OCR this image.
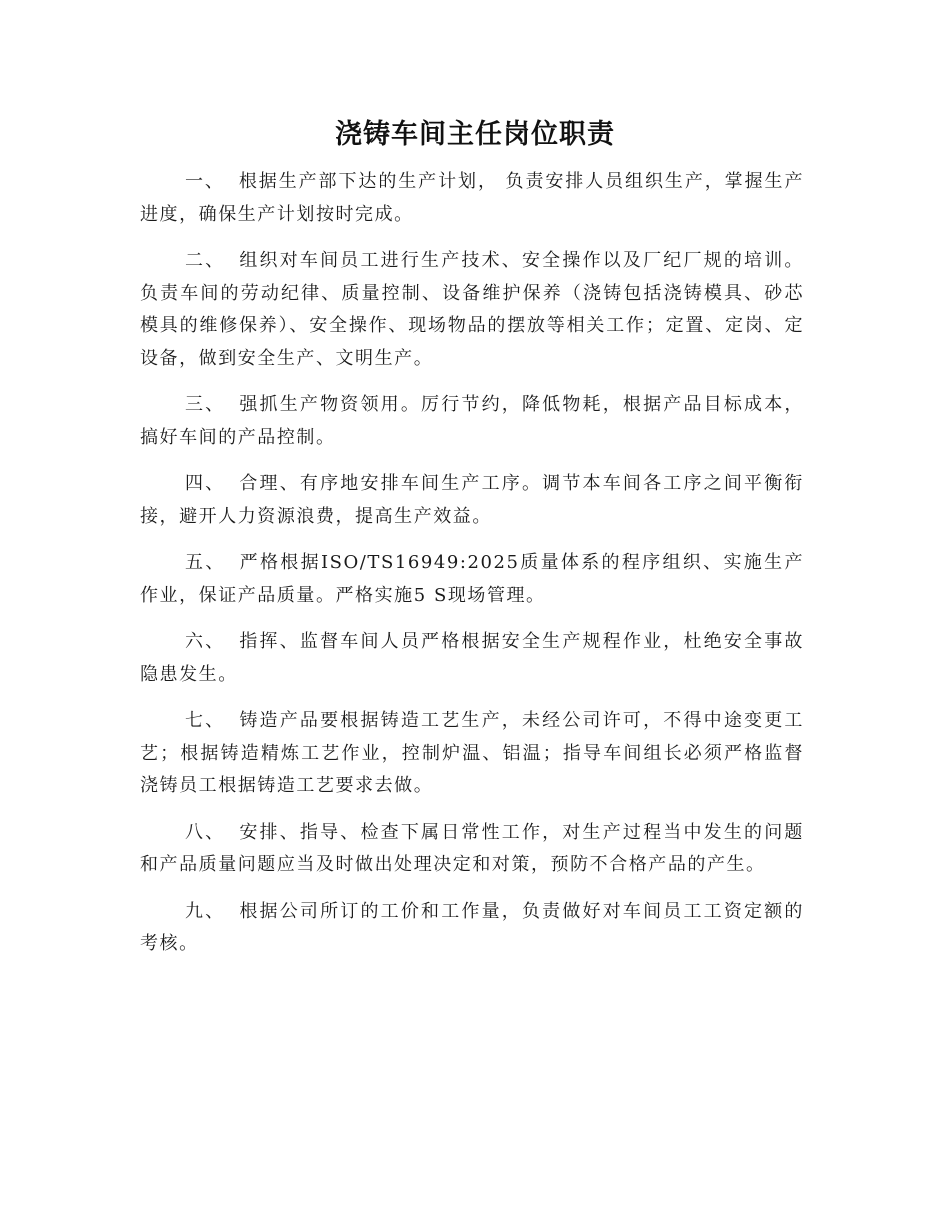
浇铸车间主任岗位职责

一、 根据生产部下达的生产计划， 负责安排人员组织生产，掌握生产进度，确保生产计划按时完成。

二、 组织对车间员工进行生产技术、安全操作以及厂纪厂规的培训。负责车间的劳动纪律、质量控制、设备维护保养（浇铸包括浇铸模具、砂芯模具的维修保养）、安全操作、现场物品的摆放等相关工作；定置、定岗、定设备，做到安全生产、文明生产。

三、 强抓生产物资领用。厉行节约，降低物耗，根据产品目标成本，搞好车间的产品控制。

四、 合理、有序地安排车间生产工序。调节本车间各工序之间平衡衔接，避开人力资源浪费，提高生产效益。

五、 严格根据ISO/TS16949:2025质量体系的程序组织、实施生产作业，保证产品质量。严格实施5 S现场管理。

六、 指挥、监督车间人员严格根据安全生产规程作业，杜绝安全事故隐患发生。

七、 铸造产品要根据铸造工艺生产，未经公司许可，不得中途变更工艺；根据铸造精炼工艺作业，控制炉温、铝温；指导车间组长必须严格监督浇铸员工根据铸造工艺要求去做。

八、 安排、指导、检查下属日常性工作，对生产过程当中发生的问题和产品质量问题应当及时做出处理决定和对策，预防不合格产品的产生。

九、 根据公司所订的工价和工作量，负责做好对车间员工工资定额的考核。
